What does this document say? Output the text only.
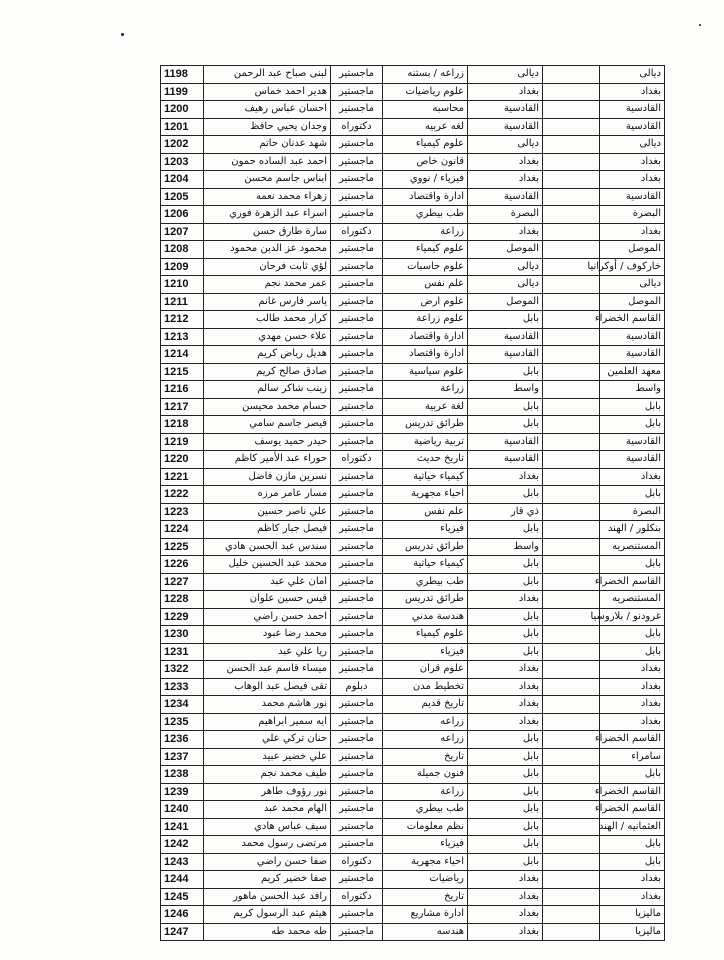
1198	لبنى صباح عبد الرحمن	ماجستير	زراعه / بستنه	ديالى		ديالى
1199	هدير احمد خماس	ماجستير	علوم رياضيات	بغداد		بغداد
1200	احسان عباس رهيف	ماجستير	محاسبه	القادسية		القادسية
1201	وجدان يحيي حافظ	دكتوراه	لغه عربيه	القادسية		القادسية
1202	شهد عدنان حاتم	ماجستير	علوم كيمياء	ديالى		ديالى
1203	احمد عبد الساده حمون	ماجستير	قانون خاص	بغداد		بغداد
1204	ايناس جاسم محسن	ماجستير	فيزياء / نووي	بغداد		بغداد
1205	زهراء محمد نعمه	ماجستير	ادارة واقتصاد	القادسية		القادسية
1206	اسراء عبد الزهرة فوري	ماجستير	طب بيطري	البصرة		البصرة
1207	سارة طارق حسن	دكتوراه	زراعة	بغداد		بغداد
1208	محمود عز الدين محمود	ماجستير	علوم كيمياء	الموصل		الموصل
1209	لؤي ثابت فرحان	ماجستير	علوم حاسبات	ديالى		خاركوف / أوكرانيا
1210	عمر محمد نجم	ماجستير	علم نفس	ديالى		ديالى
1211	ياسر فارس غانم	ماجستير	علوم ارض	الموصل		الموصل
1212	كرار محمد طالب	ماجستير	علوم زراعة	بابل		القاسم الخضراء
1213	علاء حسن مهدي	ماجستير	ادارة واقتصاد	القادسية		القادسية
1214	هديل رياض كريم	ماجستير	ادارة واقتصاد	القادسية		القادسية
1215	صادق صالح كريم	ماجستير	علوم سياسية	بابل		معهد العلمين
1216	زينب شاكر سالم	ماجستير	زراعة	واسط		واسط
1217	حسام محمد محيسن	ماجستير	لغة عربية	بابل		بابل
1218	فيصر جاسم سامي	ماجستير	طرائق تدريس	بابل		بابل
1219	حيدر حميد يوسف	ماجستير	تربية رياضية	القادسية		القادسية
1220	حوراء عبد الأمير كاظم	دكتوراه	تاريخ حديث	القادسية		القادسية
1221	نسرين مازن فاضل	ماجستير	كيمياء حياتية	بغداد		بغداد
1222	مسار عامر مرزه	ماجستير	احياء مجهرية	بابل		بابل
1223	علي ناصر حسين	ماجستير	علم نفس	ذي قار		البصرة
1224	فيصل جبار كاظم	ماجستير	فيزياء	بابل		بنكلور / الهند
1225	سندس عبد الحسن هادي	ماجستير	طرائق تدريس	واسط		المستنصريه
1226	محمد عبد الحسين خليل	ماجستير	كيمياء حياتية	بابل		بابل
1227	امان علي عبد	ماجستير	طب بيطري	بابل		القاسم الخضراء
1228	قيس حسين علوان	ماجستير	طرائق تدريس	بغداد		المستنصريه
1229	احمد حسن راضي	ماجستير	هندسة مدني	بابل		غرودنو / بلاروسيا
1230	محمد رضا عبود	ماجستير	علوم كيمياء	بابل		بابل
1231	ريا علي عبد	ماجستير	فيزياء	بابل		بابل
1322	ميساء قاسم عبد الحسن	ماجستير	علوم قران	بغداد		بغداد
1233	تقى فيصل عبد الوهاب	دبلوم	تخطيط مدن	بغداد		بغداد
1234	نور هاشم محمد	ماجستير	تاريخ قديم	بغداد		بغداد
1235	ايه سمير ابراهيم	ماجستير	زراعه	بغداد		بغداد
1236	حنان تركي علي	ماجستير	زراعه	بابل		القاسم الخضراء
1237	علي خضير عبيد	ماجستير	تاريخ	بابل		سامراء
1238	طيف محمد نجم	ماجستير	فنون جميلة	بابل		بابل
1239	نور رؤوف طاهر	ماجستير	زراعة	بابل		القاسم الخضراء
1240	الهام محمد عبد	ماجستير	طب بيطري	بابل		القاسم الخضراء
1241	سيف عباس هادي	ماجستير	نظم معلومات	بابل		العثمانيه / الهند
1242	مرتضى رسول محمد	ماجستير	فيزياء	بابل		بابل
1243	صفا حسن راضي	دكتوراه	احياء مجهرية	بابل		بابل
1244	صفا خضير كريم	ماجستير	رياضيات	بغداد		بغداد
1245	رافد عبد الحسن ماهور	دكتوراه	تاريخ	بغداد		بغداد
1246	هيثم عبد الرسول كريم	ماجستير	ادارة مشاريع	بغداد		ماليزيا
1247	طه محمد طه	ماجستير	هندسه	بغداد		ماليزيا
